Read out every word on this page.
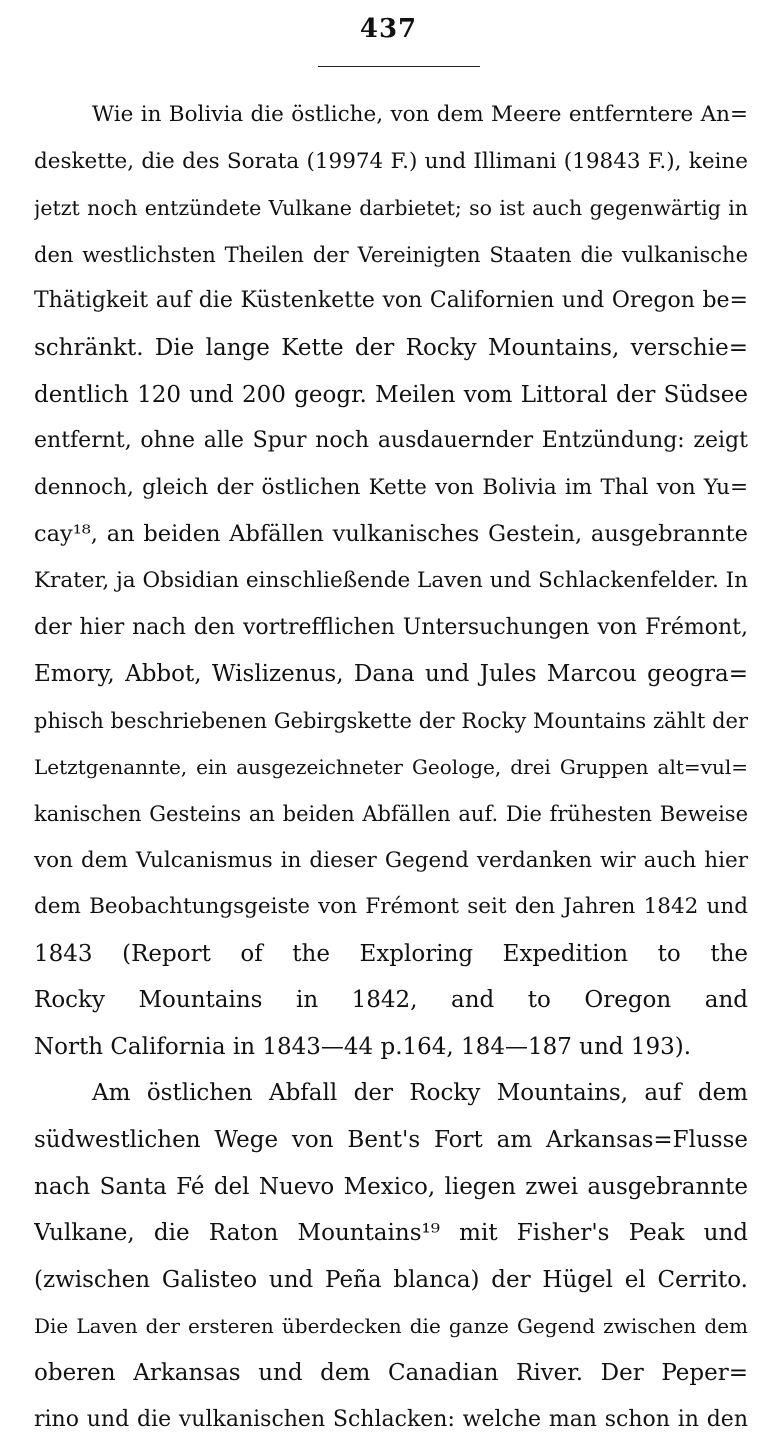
437
Wie in Bolivia die östliche, von dem Meere entferntere An=
deskette, die des Sorata (19974 F.) und Illimani (19843 F.), keine
jetzt noch entzündete Vulkane darbietet; so ist auch gegenwärtig in
den westlichsten Theilen der Vereinigten Staaten die vulkanische
Thätigkeit auf die Küstenkette von Californien und Oregon be=
schränkt. Die lange Kette der Rocky Mountains, verschie=
dentlich 120 und 200 geogr. Meilen vom Littoral der Südsee
entfernt, ohne alle Spur noch ausdauernder Entzündung: zeigt
dennoch, gleich der östlichen Kette von Bolivia im Thal von Yu=
cay¹⁸, an beiden Abfällen vulkanisches Gestein, ausgebrannte
Krater, ja Obsidian einschließende Laven und Schlackenfelder. In
der hier nach den vortrefflichen Untersuchungen von Frémont,
Emory, Abbot, Wislizenus, Dana und Jules Marcou geogra=
phisch beschriebenen Gebirgskette der Rocky Mountains zählt der
Letztgenannte, ein ausgezeichneter Geologe, drei Gruppen alt=vul=
kanischen Gesteins an beiden Abfällen auf. Die frühesten Beweise
von dem Vulcanismus in dieser Gegend verdanken wir auch hier
dem Beobachtungsgeiste von Frémont seit den Jahren 1842 und
1843 (Report of the Exploring Expedition to the
Rocky Mountains in 1842, and to Oregon and
North California in 1843—44 p.164, 184—187 und 193).
Am östlichen Abfall der Rocky Mountains, auf dem
südwestlichen Wege von Bent's Fort am Arkansas=Flusse
nach Santa Fé del Nuevo Mexico, liegen zwei ausgebrannte
Vulkane, die Raton Mountains¹⁹ mit Fisher's Peak und
(zwischen Galisteo und Peña blanca) der Hügel el Cerrito.
Die Laven der ersteren überdecken die ganze Gegend zwischen dem
oberen Arkansas und dem Canadian River. Der Peper=
rino und die vulkanischen Schlacken: welche man schon in den
